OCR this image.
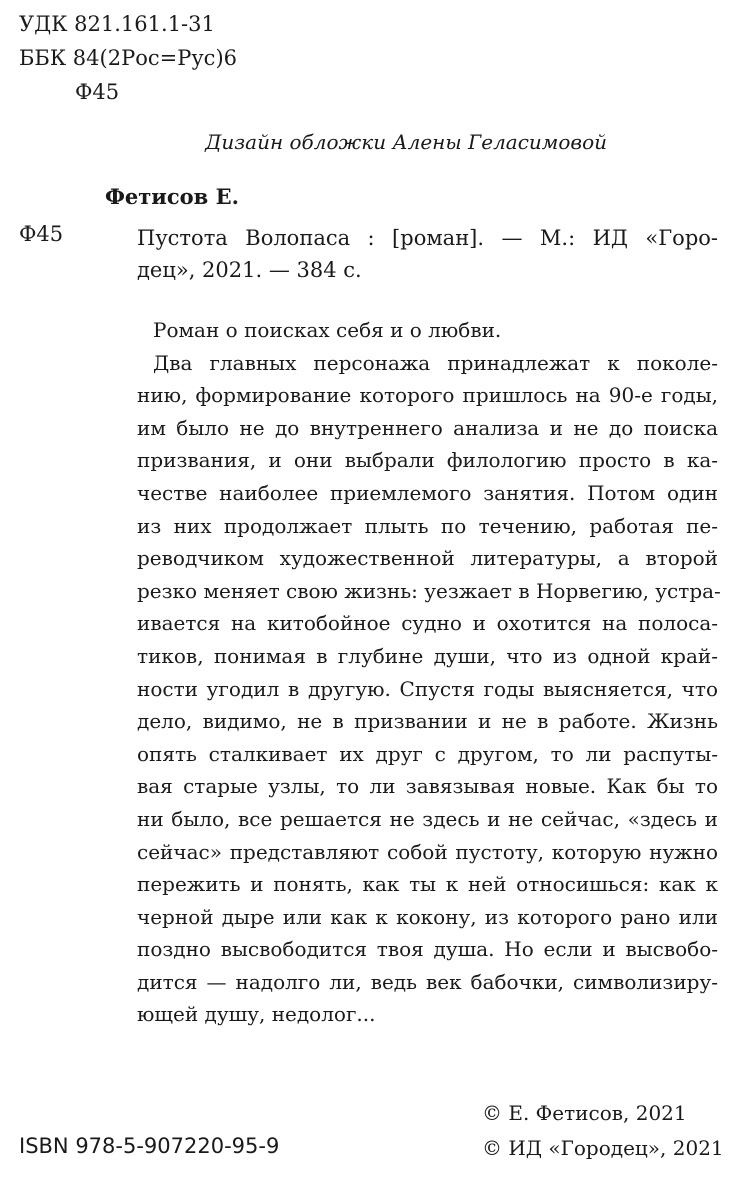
УДК 821.161.1-31
ББК 84(2Рос=Рус)6
Ф45
Дизайн обложки Алены Гeласимовой
Фетисов Е.
Ф45	Пустота Волопаса : [роман]. — М.: ИД «Горо-
дец», 2021. — 384 с.
Роман о поисках себя и о любви.
Два главных персонажа принадлежат к поколе-
нию, формирование которого пришлось на 90-е годы,
им было не до внутреннего анализа и не до поиска
призвания, и они выбрали филологию просто в ка-
честве наиболее приемлемого занятия. Потом один
из них продолжает плыть по течению, работая пе-
реводчиком художественной литературы, а второй
резко меняет свою жизнь: уезжает в Норвегию, устра-
ивается на китобойное судно и охотится на полоса-
тиков, понимая в глубине души, что из одной край-
ности угодил в другую. Спустя годы выясняется, что
дело, видимо, не в призвании и не в работе. Жизнь
опять сталкивает их друг с другом, то ли распуты-
вая старые узлы, то ли завязывая новые. Как бы то
ни было, все решается не здесь и не сейчас, «здесь и
сейчас» представляют собой пустоту, которую нужно
пережить и понять, как ты к ней относишься: как к
черной дыре или как к кокону, из которого рано или
поздно высвободится твоя душа. Но если и высвобо-
дится — надолго ли, ведь век бабочки, символизиру-
ющей душу, недолог...
ISBN 978-5-907220-95-9
© Е. Фетисов, 2021
© ИД «Городец», 2021
